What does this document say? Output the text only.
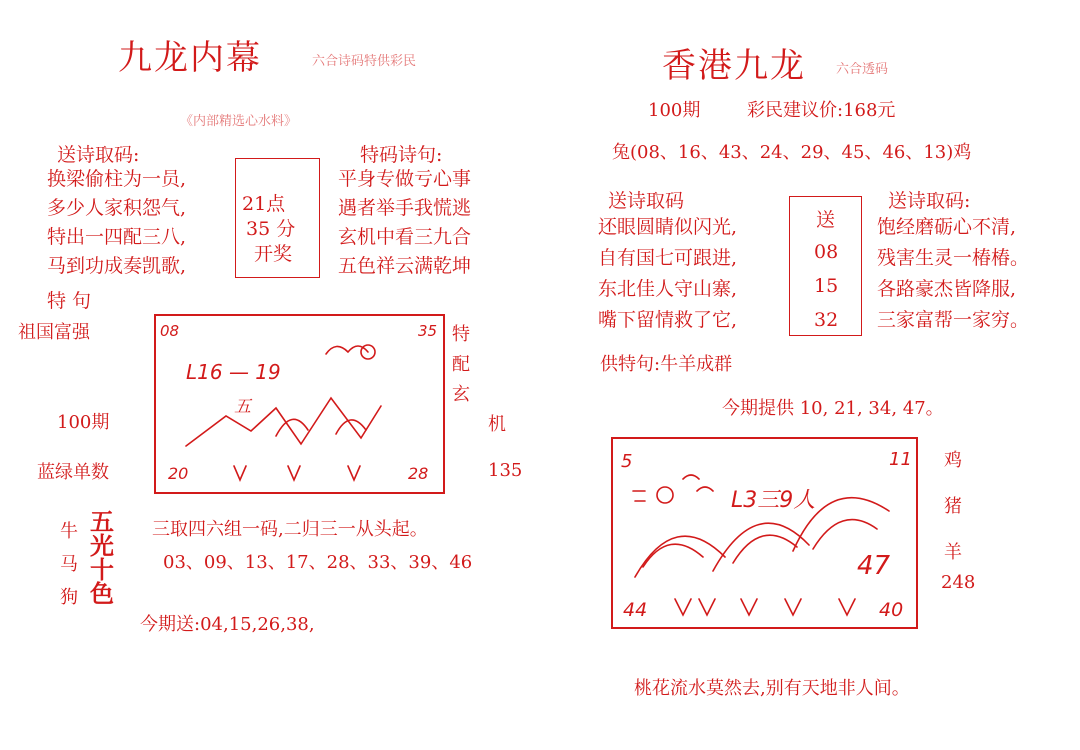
九龙内幕	六合诗码特供彩民
《内部精选心水料》
送诗取码:
换梁偷柱为一员,
多少人家积怨气,
特出一四配三八,
马到功成奏凯歌,
21点
35 分
开奖
特码诗句:
平身专做亏心事
遇者举手我慌逃
玄机中看三九合
五色祥云满乾坤
特 句
祖国富强
100期
蓝绿单数
08	35
L16 — 19
五
20	28
特
配
玄
机
135
牛
马
狗
五
光
十
色
三取四六组一码,二归三一从头起。
03、09、13、17、28、33、39、46
今期送:04,15,26,38,
香港九龙 六合透码
100期	彩民建议价:168元
兔(08、16、43、24、29、45、46、13)鸡
送诗取码
还眼圆睛似闪光,
自有国七可跟进,
东北佳人守山寨,
嘴下留情救了它,
送
08
15
32
送诗取码:
饱经磨砺心不清,
残害生灵一椿椿。
各路豪杰皆降服,
三家富帮一家穷。
供特句:牛羊成群
今期提供 10, 21, 34, 47。
5	11
L3三9人
47
44	40
鸡
猪
羊
248
桃花流水莫然去,别有天地非人间。
